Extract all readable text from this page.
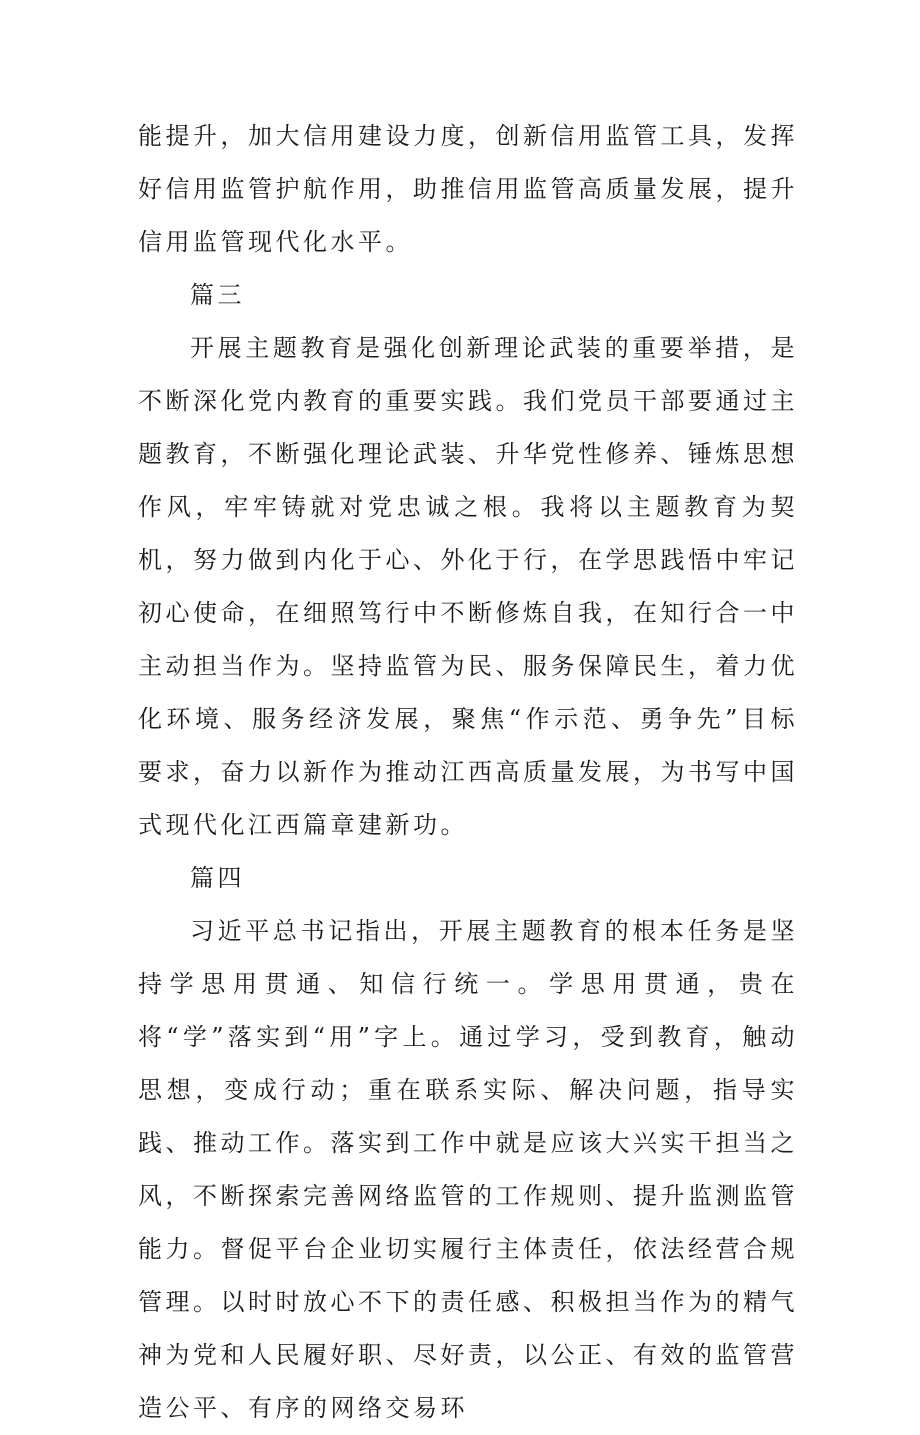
能提升，加大信用建设力度，创新信用监管工具，发挥好信用监管护航作用，助推信用监管高质量发展，提升信用监管现代化水平。

篇三

开展主题教育是强化创新理论武装的重要举措，是不断深化党内教育的重要实践。我们党员干部要通过主题教育，不断强化理论武装、升华党性修养、锤炼思想作风，牢牢铸就对党忠诚之根。我将以主题教育为契机，努力做到内化于心、外化于行，在学思践悟中牢记初心使命，在细照笃行中不断修炼自我，在知行合一中主动担当作为。坚持监管为民、服务保障民生，着力优化环境、服务经济发展，聚焦“作示范、勇争先”目标要求，奋力以新作为推动江西高质量发展，为书写中国式现代化江西篇章建新功。

篇四

习近平总书记指出，开展主题教育的根本任务是坚持学思用贯通、知信行统一。学思用贯通，贵在将“学”落实到“用”字上。通过学习，受到教育，触动思想，变成行动；重在联系实际、解决问题，指导实践、推动工作。落实到工作中就是应该大兴实干担当之风，不断探索完善网络监管的工作规则、提升监测监管能力。督促平台企业切实履行主体责任，依法经营合规管理。以时时放心不下的责任感、积极担当作为的精气神为党和人民履好职、尽好责，以公正、有效的监管营造公平、有序的网络交易环
